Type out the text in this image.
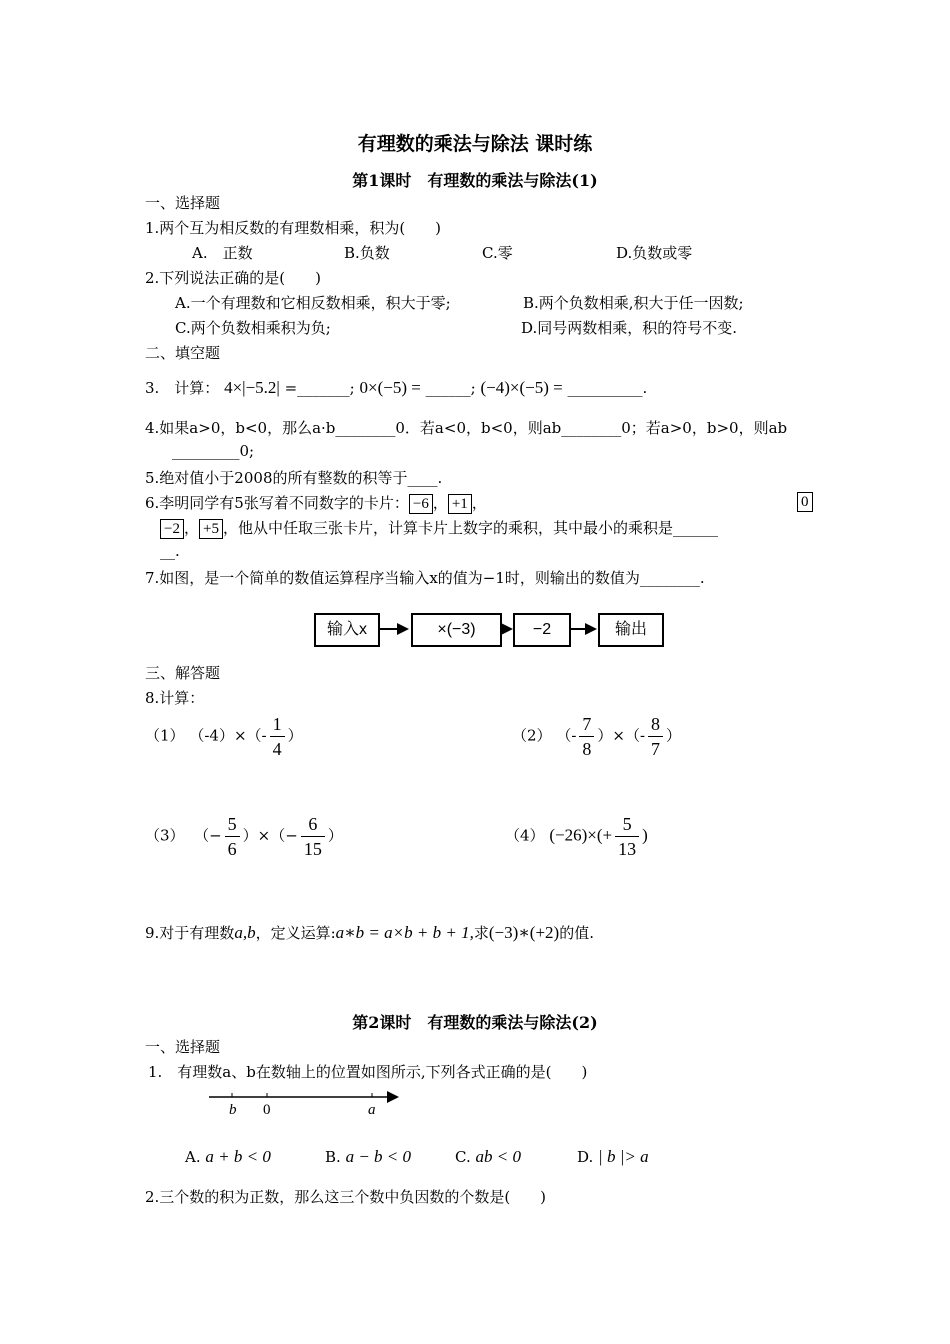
有理数的乘法与除法 课时练
第1课时　有理数的乘法与除法(1)
一、选择题
1.两个互为相反数的有理数相乘，积为(　　)
A.　正数	B.负数	C.零	D.负数或零
2.下列说法正确的是(　　)
A.一个有理数和它相反数相乘，积大于零;	B.两个负数相乘,积大于任一因数;
C.两个负数相乘积为负;	D.同号两数相乘，积的符号不变.
二、填空题
3.　计算： 4×|−5.2| =_______; 0×(−5) = ______; (−4)×(−5) = __________.
4.如果a>0，b<0，那么a·b________0．若a<0，b<0，则ab________0；若a>0，b>0，则ab
_________0;
5.绝对值小于2008的所有整数的积等于____.
6.李明同学有5张写着不同数字的卡片： −6 ， +1 ，	0
−2 ， +5 ，他从中任取三张卡片，计算卡片上数字的乘积，其中最小的乘积是______
__.
7.如图，是一个简单的数值运算程序当输入x的值为−1时，则输出的数值为________.
输入x	×(−3)	−2	输出
三、解答题
8.计算：
（1） $(-4)\times(- \frac{1}{4}$ ）	（2） （- $\frac{7}{8}$ ）×（- $\frac{8}{7}$ ）
（3） （− $\frac{5}{6}$ ）×（− $\frac{6}{15}$ ）	（4） $(-26)\times(+ \frac{5}{13}$ )
9.对于有理数a,b，定义运算:a∗b = a×b + b + 1,求(−3)∗(+2)的值.
第2课时　有理数的乘法与除法(2)
一、选择题
1.　有理数a、b在数轴上的位置如图所示,下列各式正确的是(　　)
b 0	a
A. a + b < 0	B. a − b < 0	C. ab < 0	D. | b |> a
2.三个数的积为正数，那么这三个数中负因数的个数是(　　)
